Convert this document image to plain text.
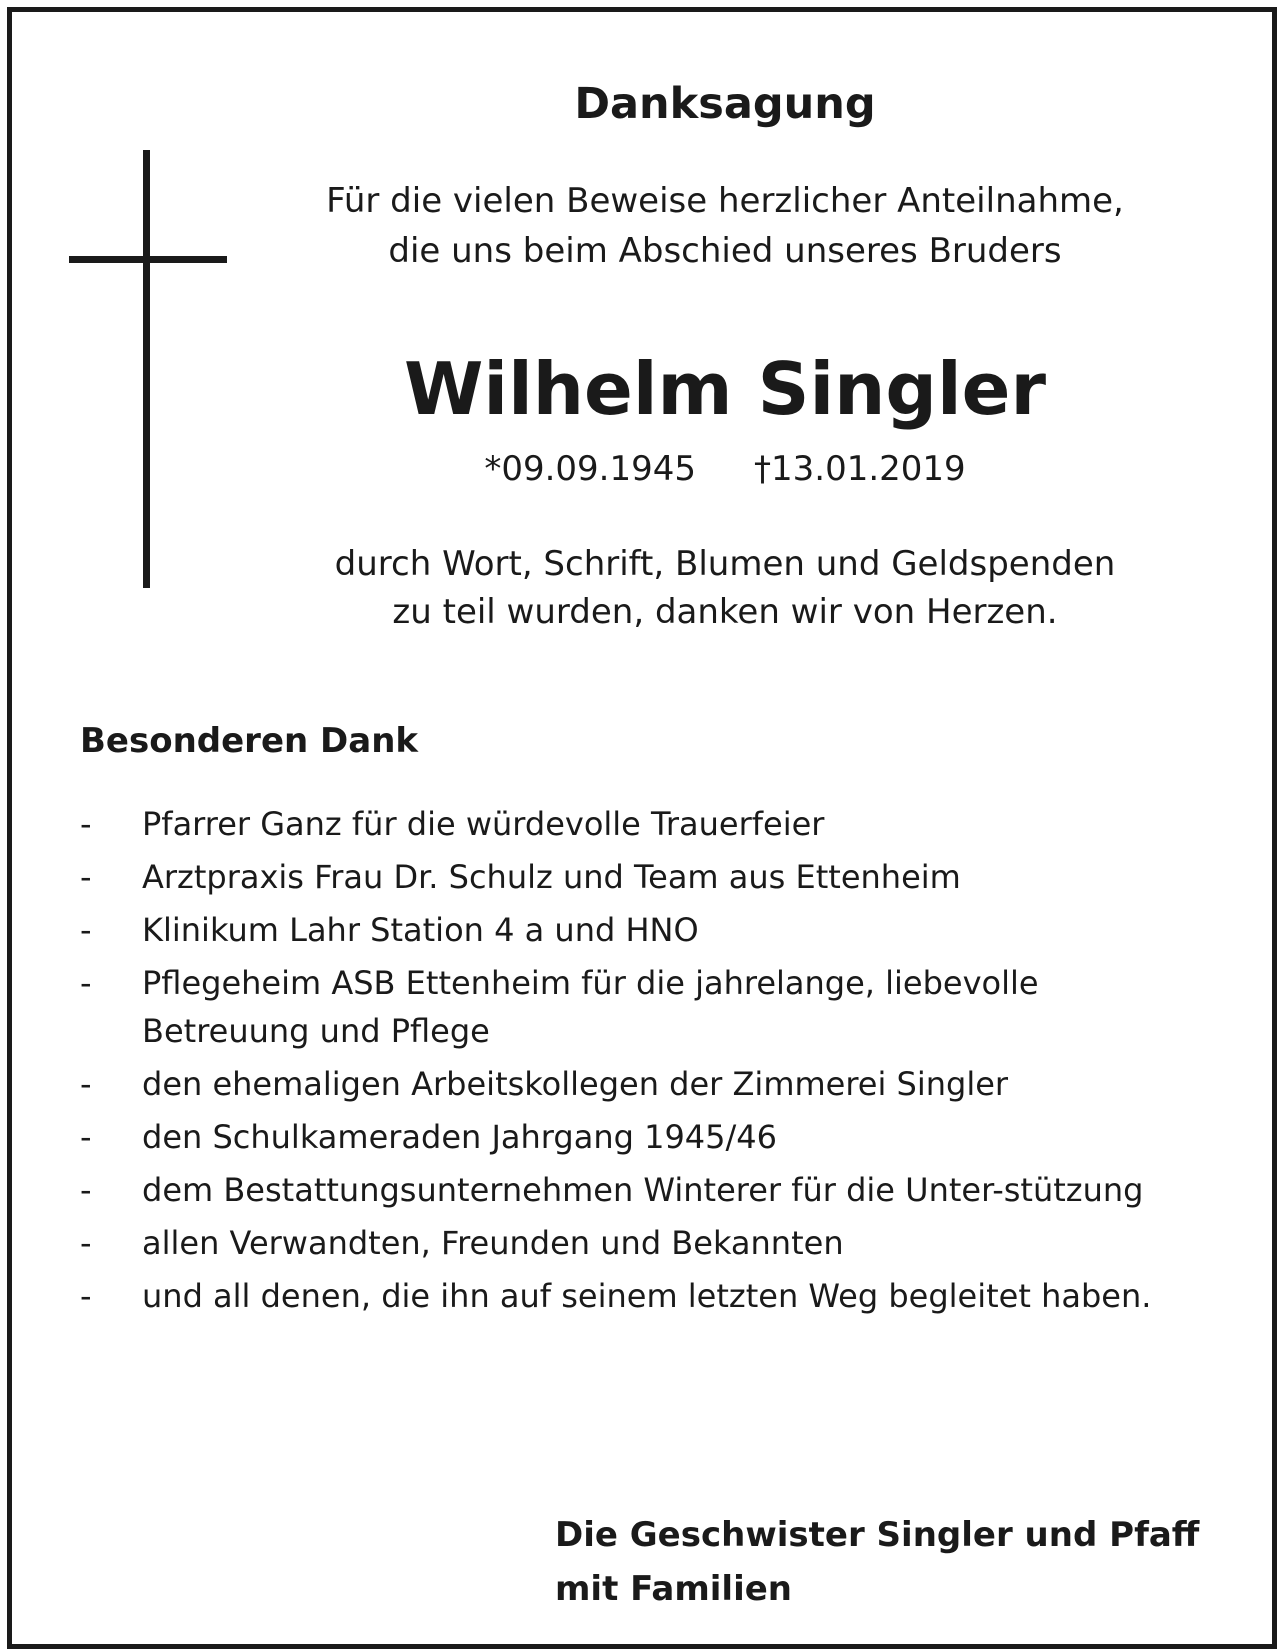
Danksagung
Für die vielen Beweise herzlicher Anteilnahme,
die uns beim Abschied unseres Bruders
Wilhelm Singler
*09.09.1945 †13.01.2019
durch Wort, Schrift, Blumen und Geldspenden
zu teil wurden, danken wir von Herzen.
Besonderen Dank
- Pfarrer Ganz für die würdevolle Trauerfeier
- Arztpraxis Frau Dr. Schulz und Team aus Ettenheim
- Klinikum Lahr Station 4 a und HNO
- Pflegeheim ASB Ettenheim für die jahrelange, liebevolle Betreuung und Pflege
- den ehemaligen Arbeitskollegen der Zimmerei Singler
- den Schulkameraden Jahrgang 1945/46
- dem Bestattungsunternehmen Winterer für die Unter-stützung
- allen Verwandten, Freunden und Bekannten
- und all denen, die ihn auf seinem letzten Weg begleitet haben.
Die Geschwister Singler und Pfaff
mit Familien
